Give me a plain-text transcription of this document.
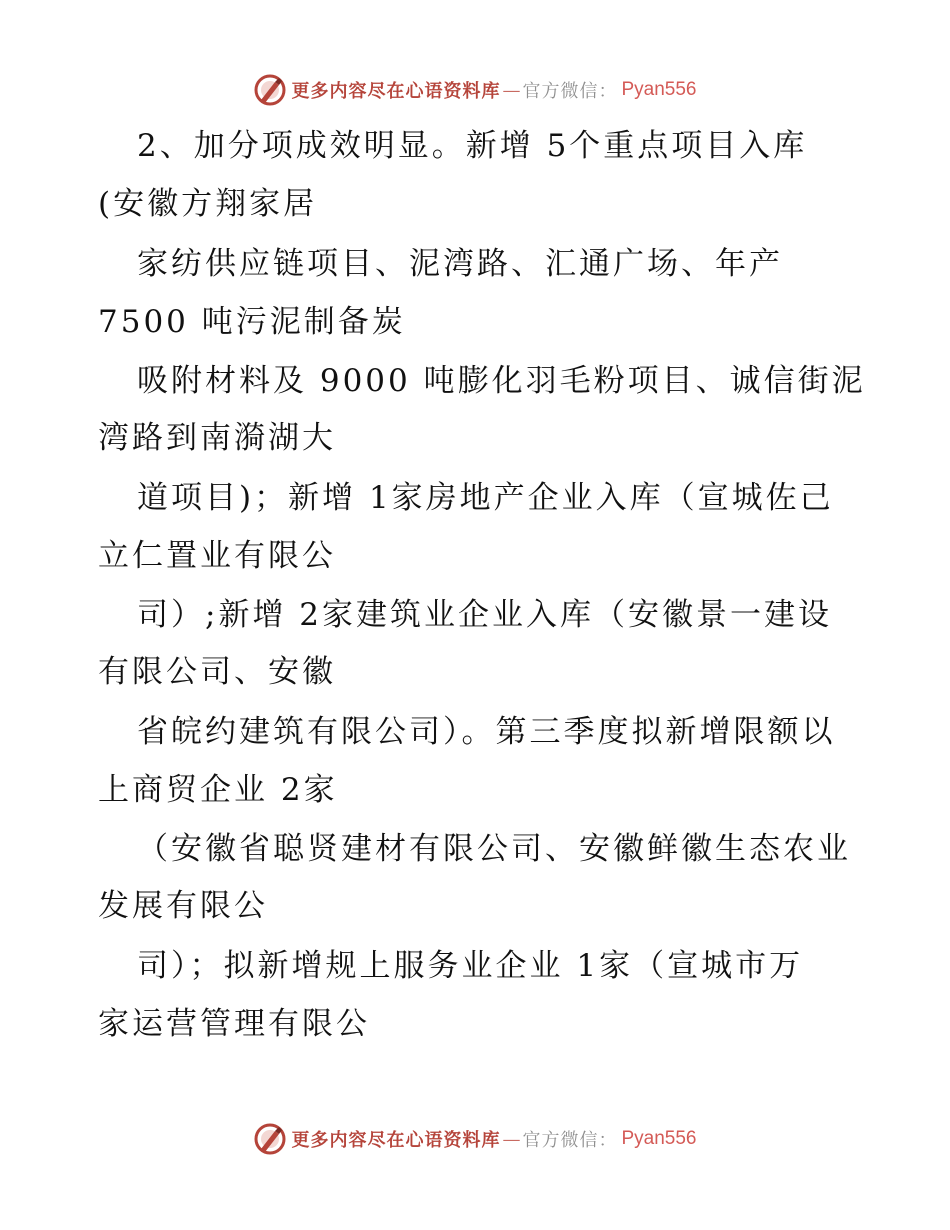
更多内容尽在心语资料库 — 官方微信： Pyan556
2、加分项成效明显。新增 5个重点项目入库
(安徽方翔家居
家纺供应链项目、泥湾路、汇通广场、年产
7500 吨污泥制备炭
吸附材料及 9000 吨膨化羽毛粉项目、诚信街泥
湾路到南漪湖大
道项目)；新增 1家房地产企业入库（宣城佐己
立仁置业有限公
司）;新增 2家建筑业企业入库（安徽景一建设
有限公司、安徽
省皖约建筑有限公司）。第三季度拟新增限额以
上商贸企业 2家
（安徽省聪贤建材有限公司、安徽鲜徽生态农业
发展有限公
司）；拟新增规上服务业企业 1家（宣城市万
家运营管理有限公
更多内容尽在心语资料库 — 官方微信： Pyan556
